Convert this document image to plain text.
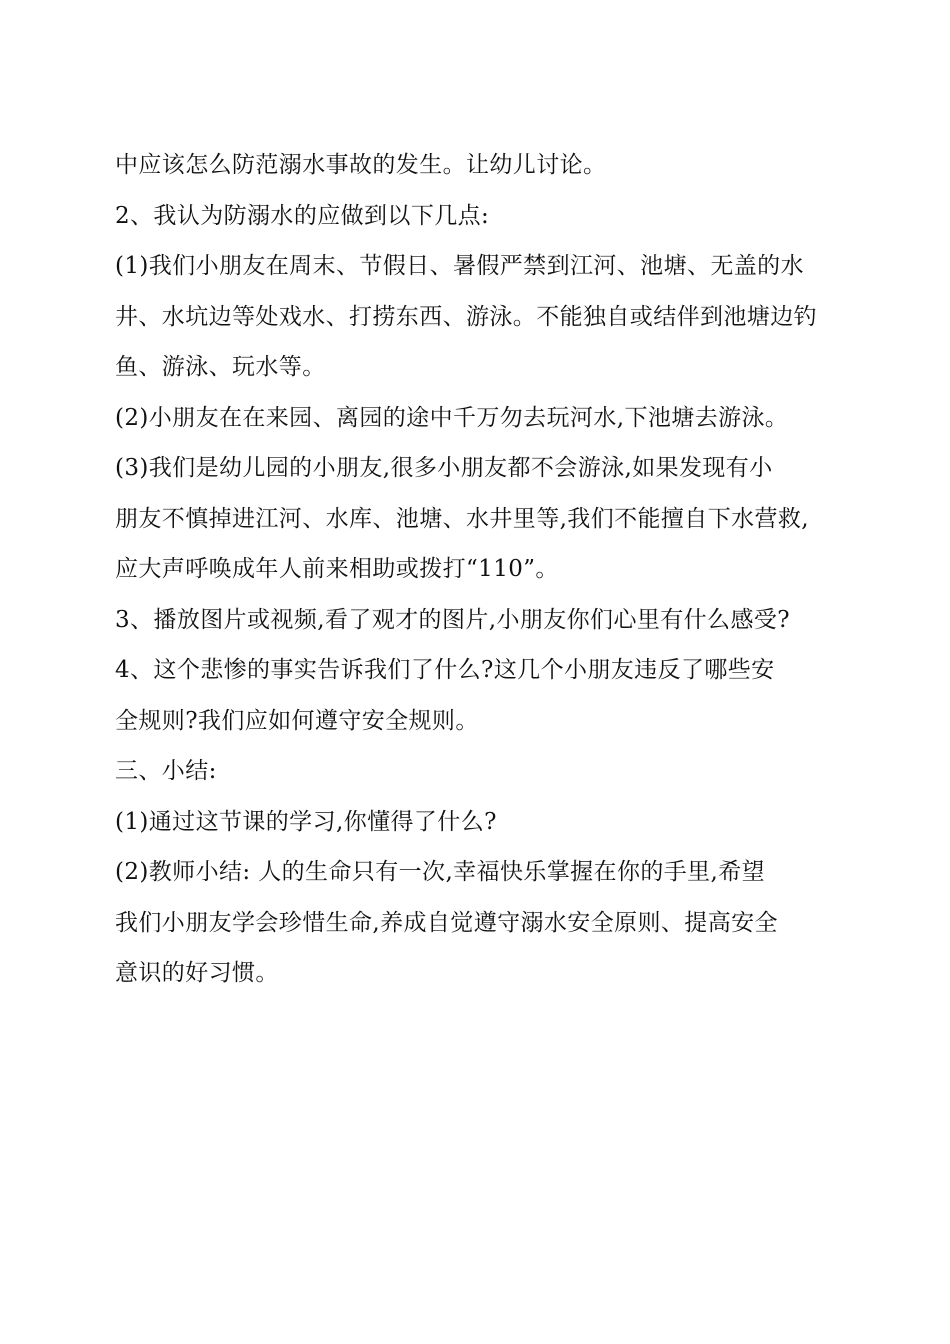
中应该怎么防范溺水事故的发生。让幼儿讨论。
2、我认为防溺水的应做到以下几点:
(1)我们小朋友在周末、节假日、暑假严禁到江河、池塘、无盖的水
井、水坑边等处戏水、打捞东西、游泳。不能独自或结伴到池塘边钓
鱼、游泳、玩水等。
(2)小朋友在在来园、离园的途中千万勿去玩河水,下池塘去游泳。
(3)我们是幼儿园的小朋友,很多小朋友都不会游泳,如果发现有小
朋友不慎掉进江河、水库、池塘、水井里等,我们不能擅自下水营救,
应大声呼唤成年人前来相助或拨打“110”。
3、播放图片或视频,看了观才的图片,小朋友你们心里有什么感受?
4、这个悲惨的事实告诉我们了什么?这几个小朋友违反了哪些安
全规则?我们应如何遵守安全规则。
三、小结:
(1)通过这节课的学习,你懂得了什么?
(2)教师小结: 人的生命只有一次,幸福快乐掌握在你的手里,希望
我们小朋友学会珍惜生命,养成自觉遵守溺水安全原则、提高安全
意识的好习惯。
